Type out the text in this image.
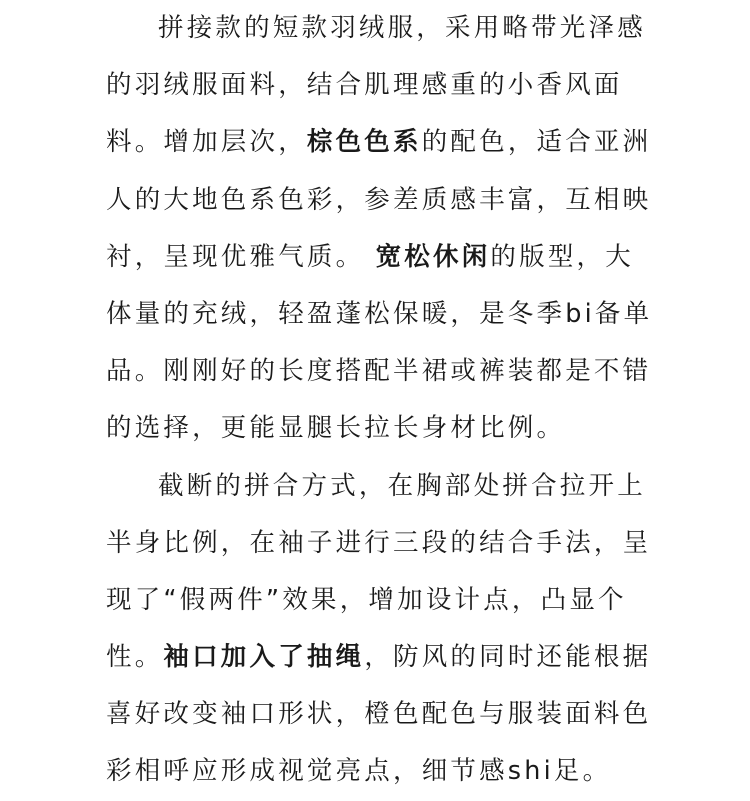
拼接款的短款羽绒服，采用略带光泽感
的羽绒服面料，结合肌理感重的小香风面
料。增加层次，棕色色系的配色，适合亚洲
人的大地色系色彩，参差质感丰富，互相映
衬，呈现优雅气质。 宽松休闲的版型，大
体量的充绒，轻盈蓬松保暖，是冬季bi备单
品。刚刚好的长度搭配半裙或裤装都是不错
的选择，更能显腿长拉长身材比例。
截断的拼合方式，在胸部处拼合拉开上
半身比例，在袖子进行三段的结合手法，呈
现了“假两件”效果，增加设计点，凸显个
性。袖口加入了抽绳，防风的同时还能根据
喜好改变袖口形状，橙色配色与服装面料色
彩相呼应形成视觉亮点，细节感shi足。
